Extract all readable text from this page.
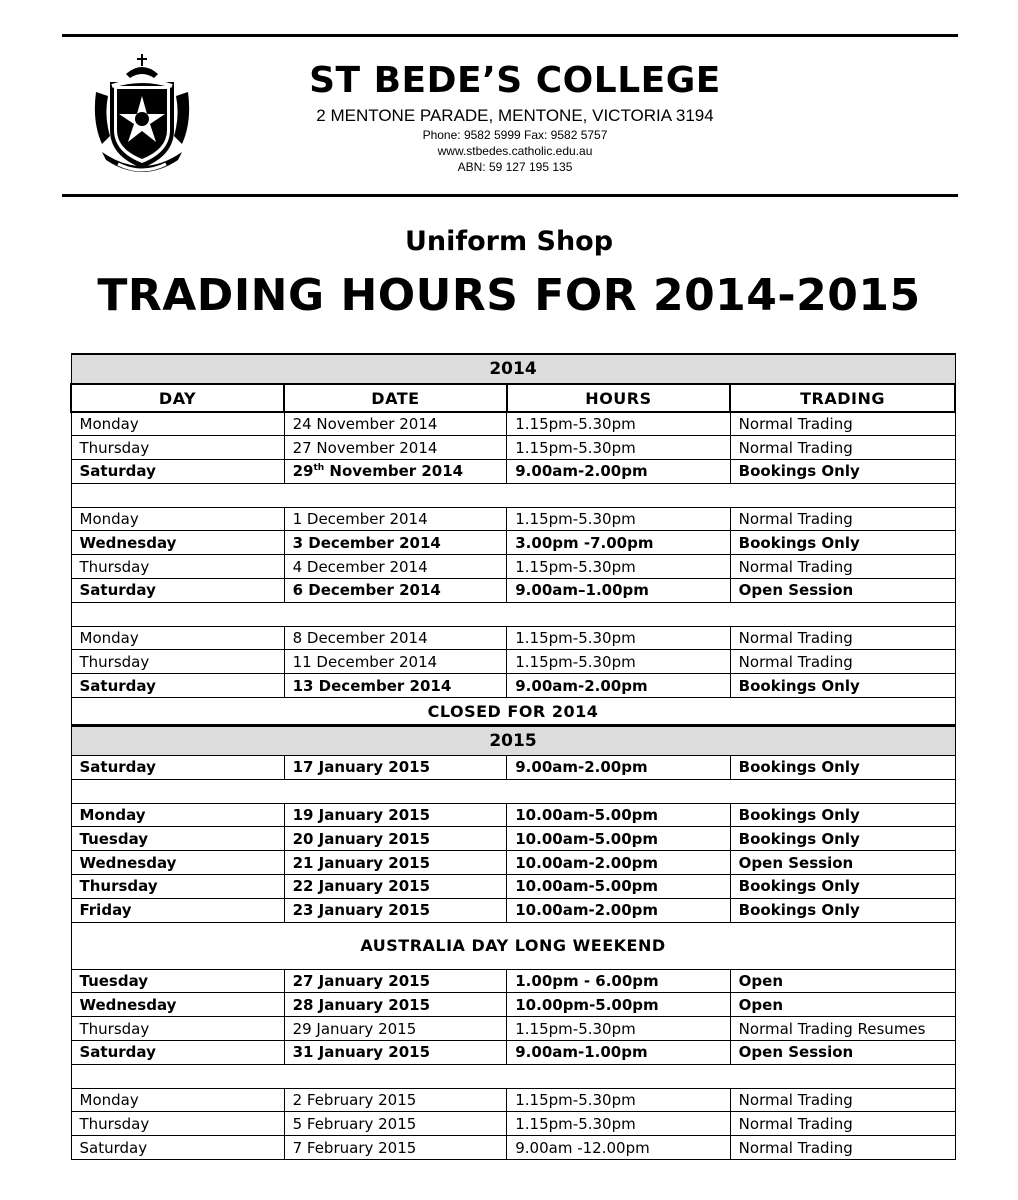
ST BEDE’S COLLEGE
2 MENTONE PARADE, MENTONE, VICTORIA 3194
Phone: 9582 5999 Fax: 9582 5757
www.stbedes.catholic.edu.au
ABN: 59 127 195 135
Uniform Shop
TRADING HOURS FOR 2014-2015
2014			
DAY	DATE	HOURS	TRADING
Monday	24 November 2014	1.15pm-5.30pm	Normal Trading
Thursday	27 November 2014	1.15pm-5.30pm	Normal Trading
Saturday	29th November 2014	9.00am-2.00pm	Bookings Only

Monday	1 December 2014	1.15pm-5.30pm	Normal Trading
Wednesday	3 December 2014	3.00pm -7.00pm	Bookings Only
Thursday	4 December 2014	1.15pm-5.30pm	Normal Trading
Saturday	6 December 2014	9.00am–1.00pm	Open Session

Monday	8 December 2014	1.15pm-5.30pm	Normal Trading
Thursday	11 December 2014	1.15pm-5.30pm	Normal Trading
Saturday	13 December 2014	9.00am-2.00pm	Bookings Only
CLOSED FOR 2014			
2015			
Saturday	17 January 2015	9.00am-2.00pm	Bookings Only

Monday	19 January 2015	10.00am-5.00pm	Bookings Only
Tuesday	20 January 2015	10.00am-5.00pm	Bookings Only
Wednesday	21 January 2015	10.00am-2.00pm	Open Session
Thursday	22 January 2015	10.00am-5.00pm	Bookings Only
Friday	23 January 2015	10.00am-2.00pm	Bookings Only
AUSTRALIA DAY LONG WEEKEND			
Tuesday	27 January 2015	1.00pm - 6.00pm	Open
Wednesday	28 January 2015	10.00pm-5.00pm	Open
Thursday	29 January 2015	1.15pm-5.30pm	Normal Trading Resumes
Saturday	31 January 2015	9.00am-1.00pm	Open Session

Monday	2 February 2015	1.15pm-5.30pm	Normal Trading
Thursday	5 February 2015	1.15pm-5.30pm	Normal Trading
Saturday	7 February 2015	9.00am -12.00pm	Normal Trading
